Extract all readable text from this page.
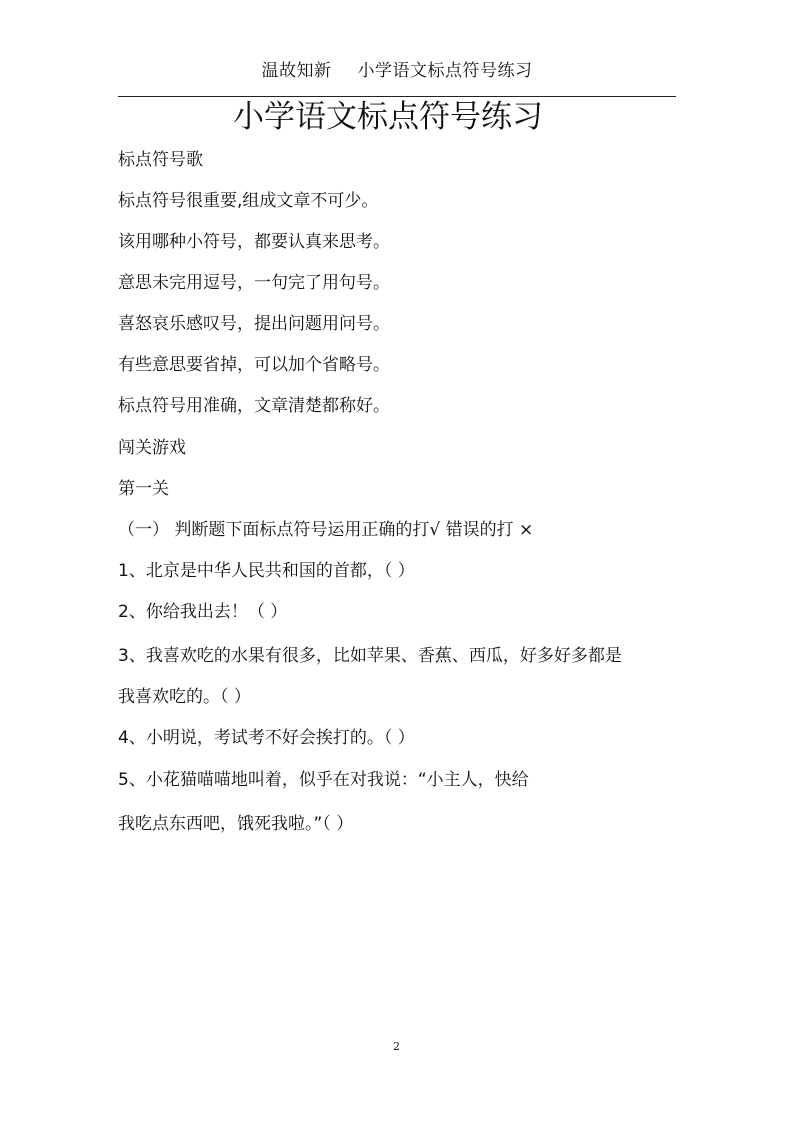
温故知新 小学语文标点符号练习
小学语文标点符号练习
标点符号歌
标点符号很重要,组成文章不可少。
该用哪种小符号，都要认真来思考。
意思未完用逗号，一句完了用句号。
喜怒哀乐感叹号，提出问题用问号。
有些意思要省掉，可以加个省略号。
标点符号用准确，文章清楚都称好。
闯关游戏
第一关
（一） 判断题下面标点符号运用正确的打√ 错误的打 ×
1、北京是中华人民共和国的首都，（ ）
2、你给我出去！（ ）
3、我喜欢吃的水果有很多，比如苹果、香蕉、西瓜，好多好多都是
我喜欢吃的。（ ）
4、小明说，考试考不好会挨打的。（ ）
5、小花猫喵喵地叫着，似乎在对我说：“小主人，快给
我吃点东西吧，饿死我啦。”（ ）
2
